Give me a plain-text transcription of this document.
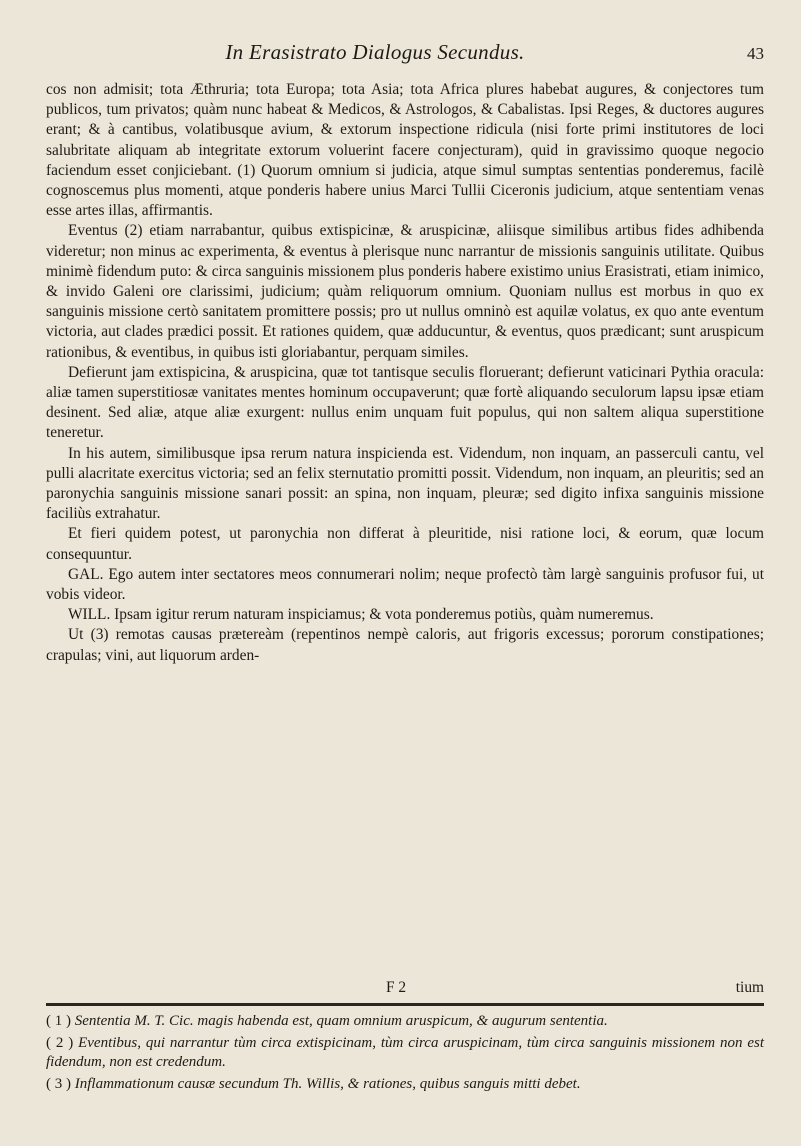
In Erasistrato Dialogus Secundus.	43

cos non admisit; tota Æthruria; tota Europa; tota Asia; tota Africa plures habebat augures, & conjectores tum publicos, tum privatos; quàm nunc habeat & Medicos, & Astrologos, & Cabalistas. Ipsi Reges, & ductores augures erant; & à cantibus, volatibusque avium, & extorum inspectione ridicula (nisi forte primi institutores de loci salubritate aliquam ab integritate extorum voluerint facere conjecturam), quid in gravissimo quoque negocio faciendum esset conjiciebant. (1) Quorum omnium si judicia, atque simul sumptas sententias ponderemus, facilè cognoscemus plus momenti, atque ponderis habere unius Marci Tullii Ciceronis judicium, atque sententiam venas esse artes illas, affirmantis.

Eventus (2) etiam narrabantur, quibus extispicinæ, & aruspicinæ, aliisque similibus artibus fides adhibenda videretur; non minus ac experimenta, & eventus à plerisque nunc narrantur de missionis sanguinis utilitate. Quibus minimè fidendum puto: & circa sanguinis missionem plus ponderis habere existimo unius Erasistrati, etiam inimico, & invido Galeni ore clarissimi, judicium; quàm reliquorum omnium. Quoniam nullus est morbus in quo ex sanguinis missione certò sanitatem promittere possis; pro ut nullus omninò est aquilæ volatus, ex quo ante eventum victoria, aut clades prædici possit. Et rationes quidem, quæ adducuntur, & eventus, quos prædicant; sunt aruspicum rationibus, & eventibus, in quibus isti gloriabantur, perquam similes.

Defierunt jam extispicina, & aruspicina, quæ tot tantisque seculis floruerant; defierunt vaticinari Pythia oracula: aliæ tamen superstitiosæ vanitates mentes hominum occupaverunt; quæ fortè aliquando seculorum lapsu ipsæ etiam desinent. Sed aliæ, atque aliæ exurgent: nullus enim unquam fuit populus, qui non saltem aliqua superstitione teneretur.

In his autem, similibusque ipsa rerum natura inspicienda est. Videndum, non inquam, an passerculi cantu, vel pulli alacritate exercitus victoria; sed an felix sternutatio promitti possit. Videndum, non inquam, an pleuritis; sed an paronychia sanguinis missione sanari possit: an spina, non inquam, pleuræ; sed digito infixa sanguinis missione faciliùs extrahatur.

Et fieri quidem potest, ut paronychia non differat à pleuritide, nisi ratione loci, & eorum, quæ locum consequuntur.

GAL. Ego autem inter sectatores meos connumerari nolim; neque profectò tàm largè sanguinis profusor fui, ut vobis videor.

WILL. Ipsam igitur rerum naturam inspiciamus; & vota ponderemus potiùs, quàm numeremus.

Ut (3) remotas causas prætereàm (repentinos nempè caloris, aut frigoris excessus; pororum constipationes; crapulas; vini, aut liquorum arden-

F 2	tium

( 1 ) Sententia M. T. Cic. magis habenda est, quam omnium aruspicum, & augurum sententia.

( 2 ) Eventibus, qui narrantur tùm circa extispicinam, tùm circa aruspicinam, tùm circa sanguinis missionem non est fidendum, non est credendum.

( 3 ) Inflammationum causæ secundum Th. Willis, & rationes, quibus sanguis mitti debet.
